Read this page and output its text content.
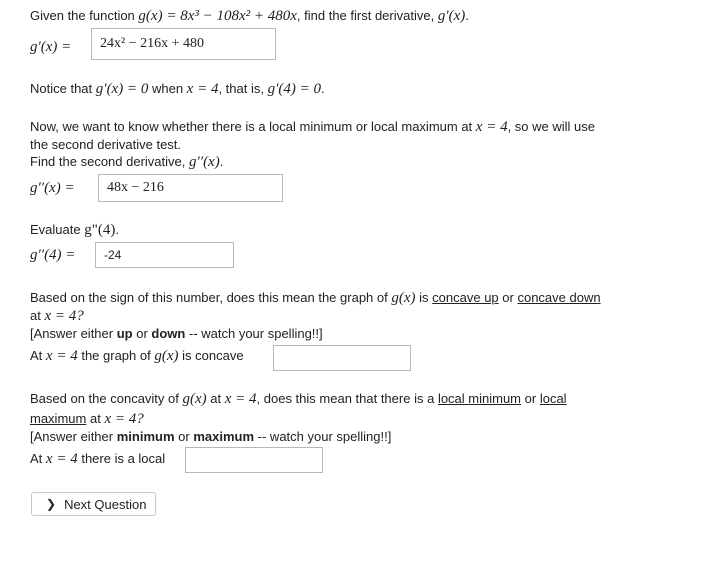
Given the function g(x) = 8x³ − 108x² + 480x, find the first derivative, g′(x).
g′(x) =	24x² − 216x + 480
Notice that g′(x) = 0 when x = 4, that is, g′(4) = 0.
Now, we want to know whether there is a local minimum or local maximum at x = 4, so we will use
the second derivative test.
Find the second derivative, g′′(x).
g′′(x) =	48x − 216
Evaluate g"(4).
g′′(4) =	-24
Based on the sign of this number, does this mean the graph of g(x) is concave up or concave down
at x = 4?
[Answer either up or down -- watch your spelling!!]
At x = 4 the graph of g(x) is concave
Based on the concavity of g(x) at x = 4, does this mean that there is a local minimum or local
maximum at x = 4?
[Answer either minimum or maximum -- watch your spelling!!]
At x = 4 there is a local
❯ Next Question
